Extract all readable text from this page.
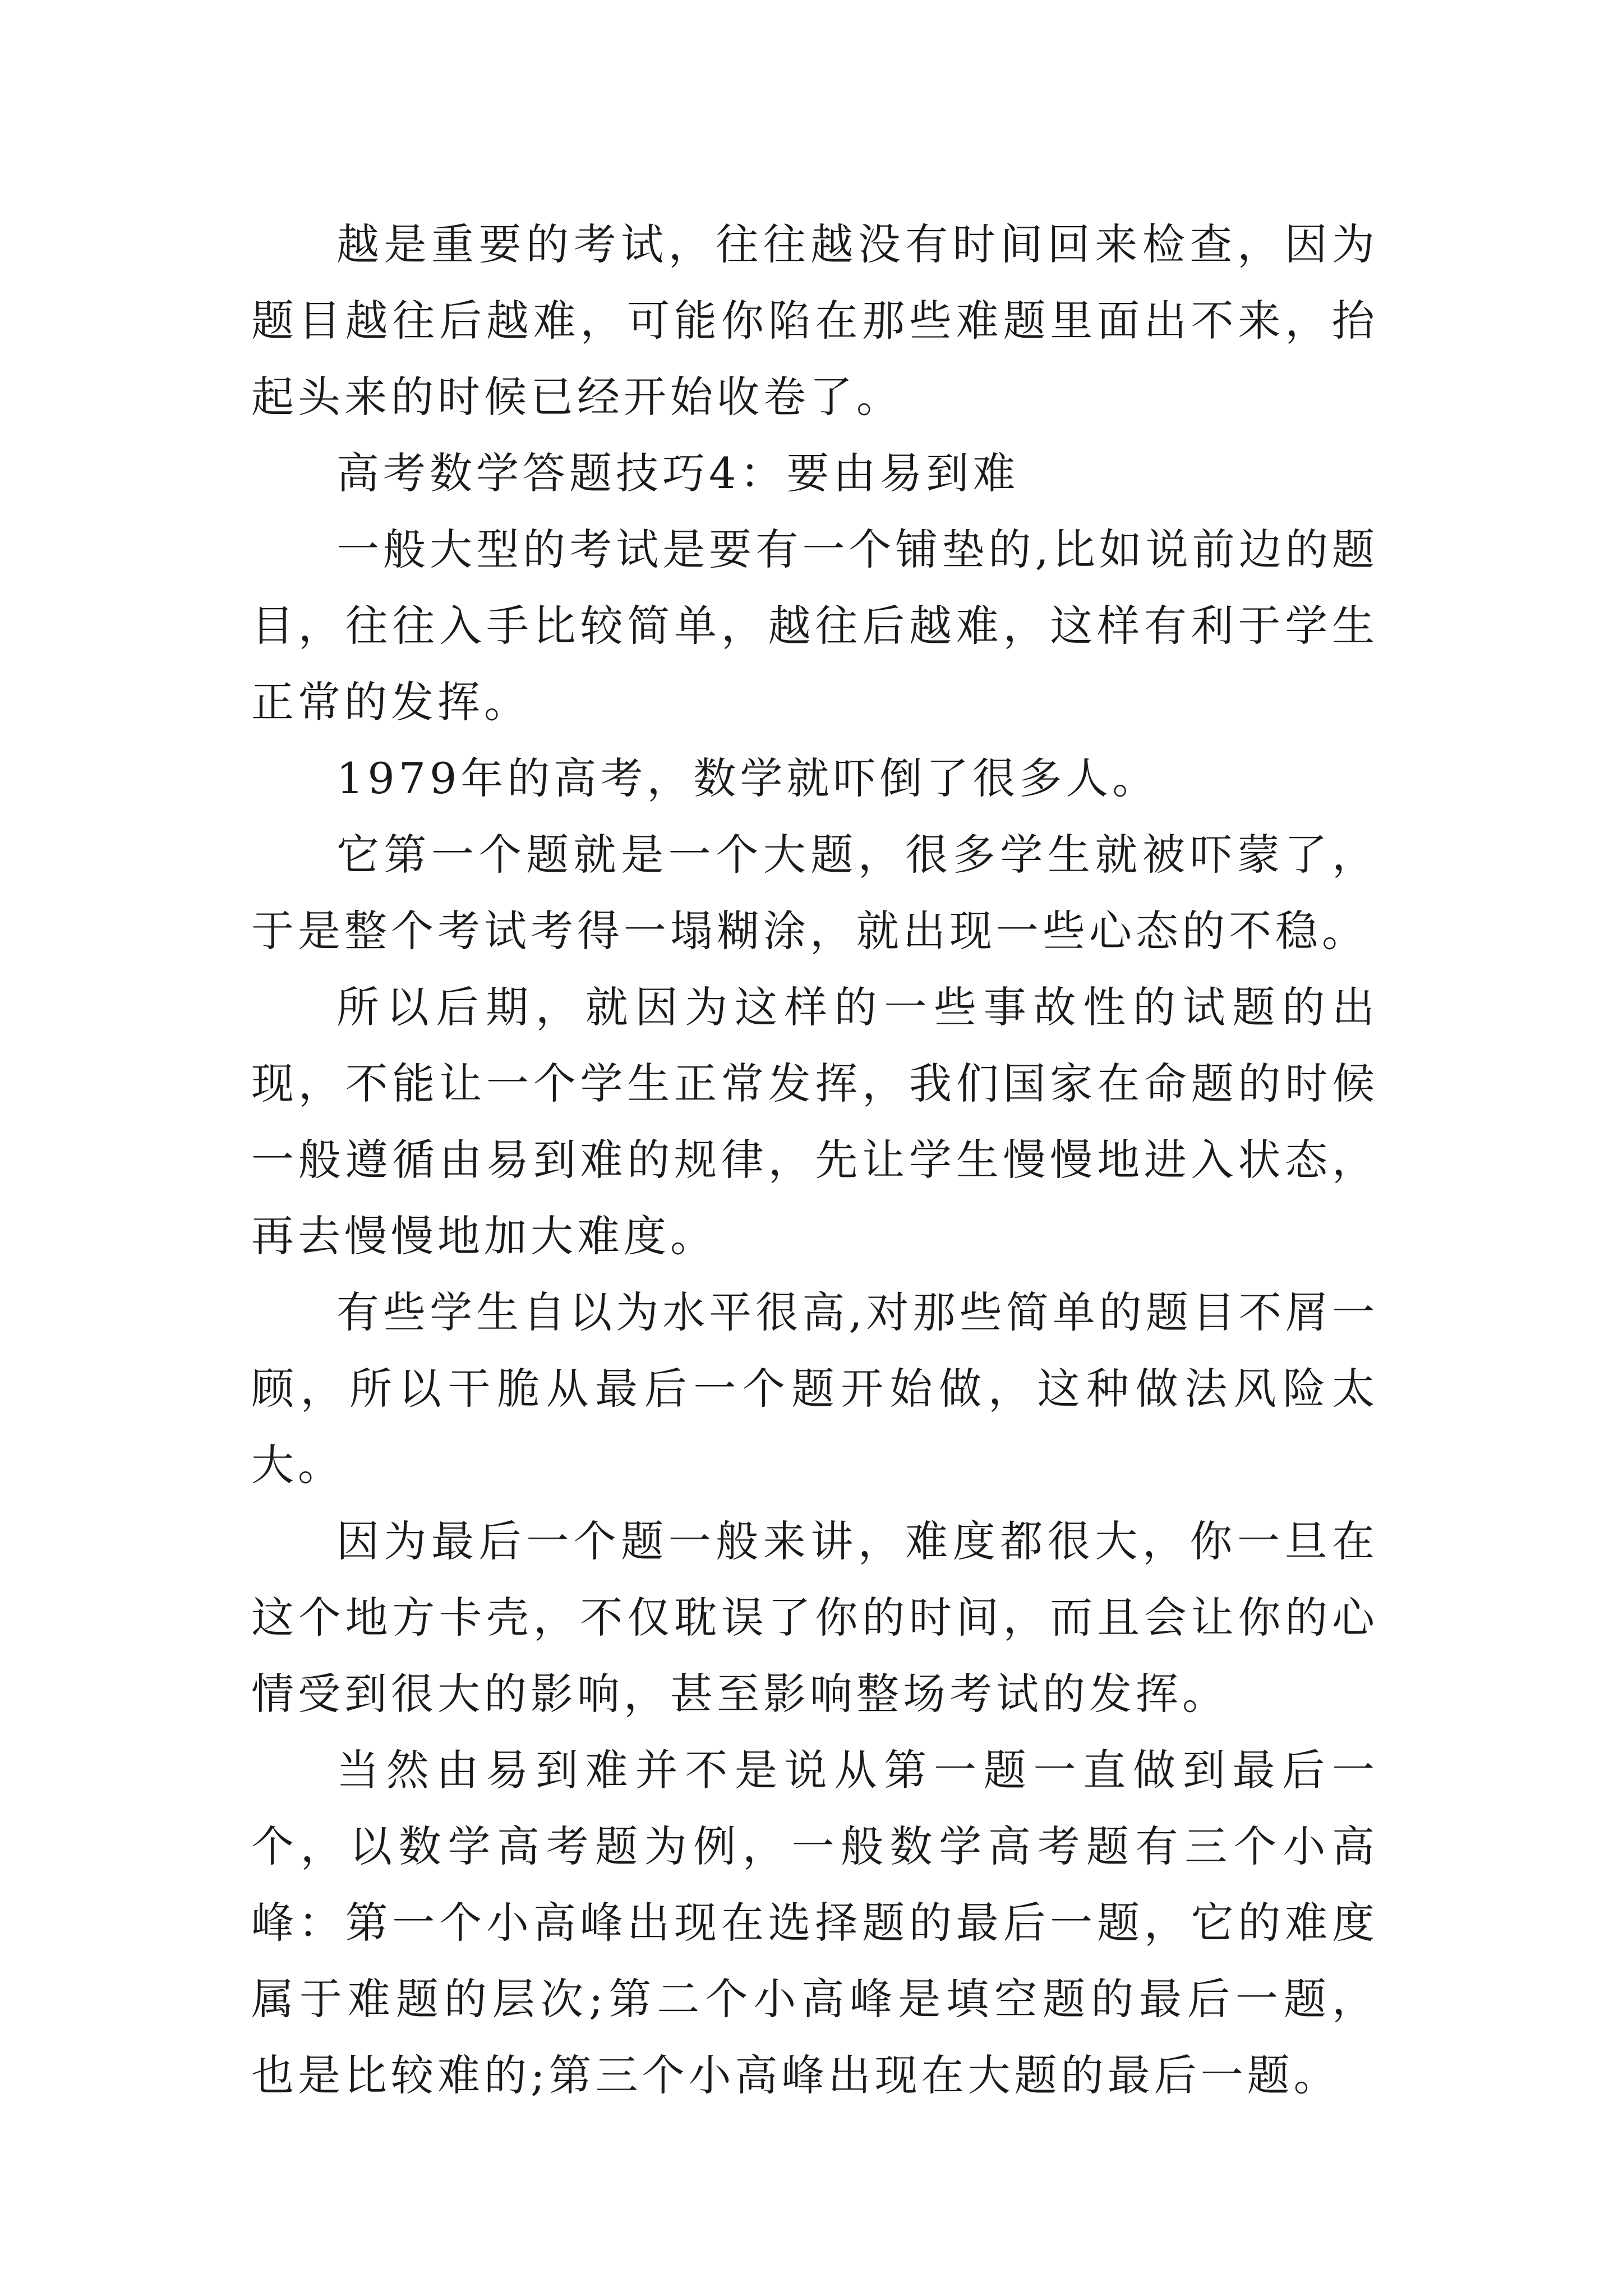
越是重要的考试，往往越没有时间回来检查，因为题目越往后越难，可能你陷在那些难题里面出不来，抬起头来的时候已经开始收卷了。

高考数学答题技巧4：要由易到难

一般大型的考试是要有一个铺垫的,比如说前边的题目，往往入手比较简单，越往后越难，这样有利于学生正常的发挥。

1979年的高考，数学就吓倒了很多人。

它第一个题就是一个大题，很多学生就被吓蒙了，于是整个考试考得一塌糊涂，就出现一些心态的不稳。

所以后期，就因为这样的一些事故性的试题的出现，不能让一个学生正常发挥，我们国家在命题的时候一般遵循由易到难的规律，先让学生慢慢地进入状态，再去慢慢地加大难度。

有些学生自以为水平很高,对那些简单的题目不屑一顾，所以干脆从最后一个题开始做，这种做法风险太大。

因为最后一个题一般来讲，难度都很大，你一旦在这个地方卡壳，不仅耽误了你的时间，而且会让你的心情受到很大的影响，甚至影响整场考试的发挥。

当然由易到难并不是说从第一题一直做到最后一个，以数学高考题为例，一般数学高考题有三个小高峰：第一个小高峰出现在选择题的最后一题，它的难度属于难题的层次;第二个小高峰是填空题的最后一题，也是比较难的;第三个小高峰出现在大题的最后一题。
